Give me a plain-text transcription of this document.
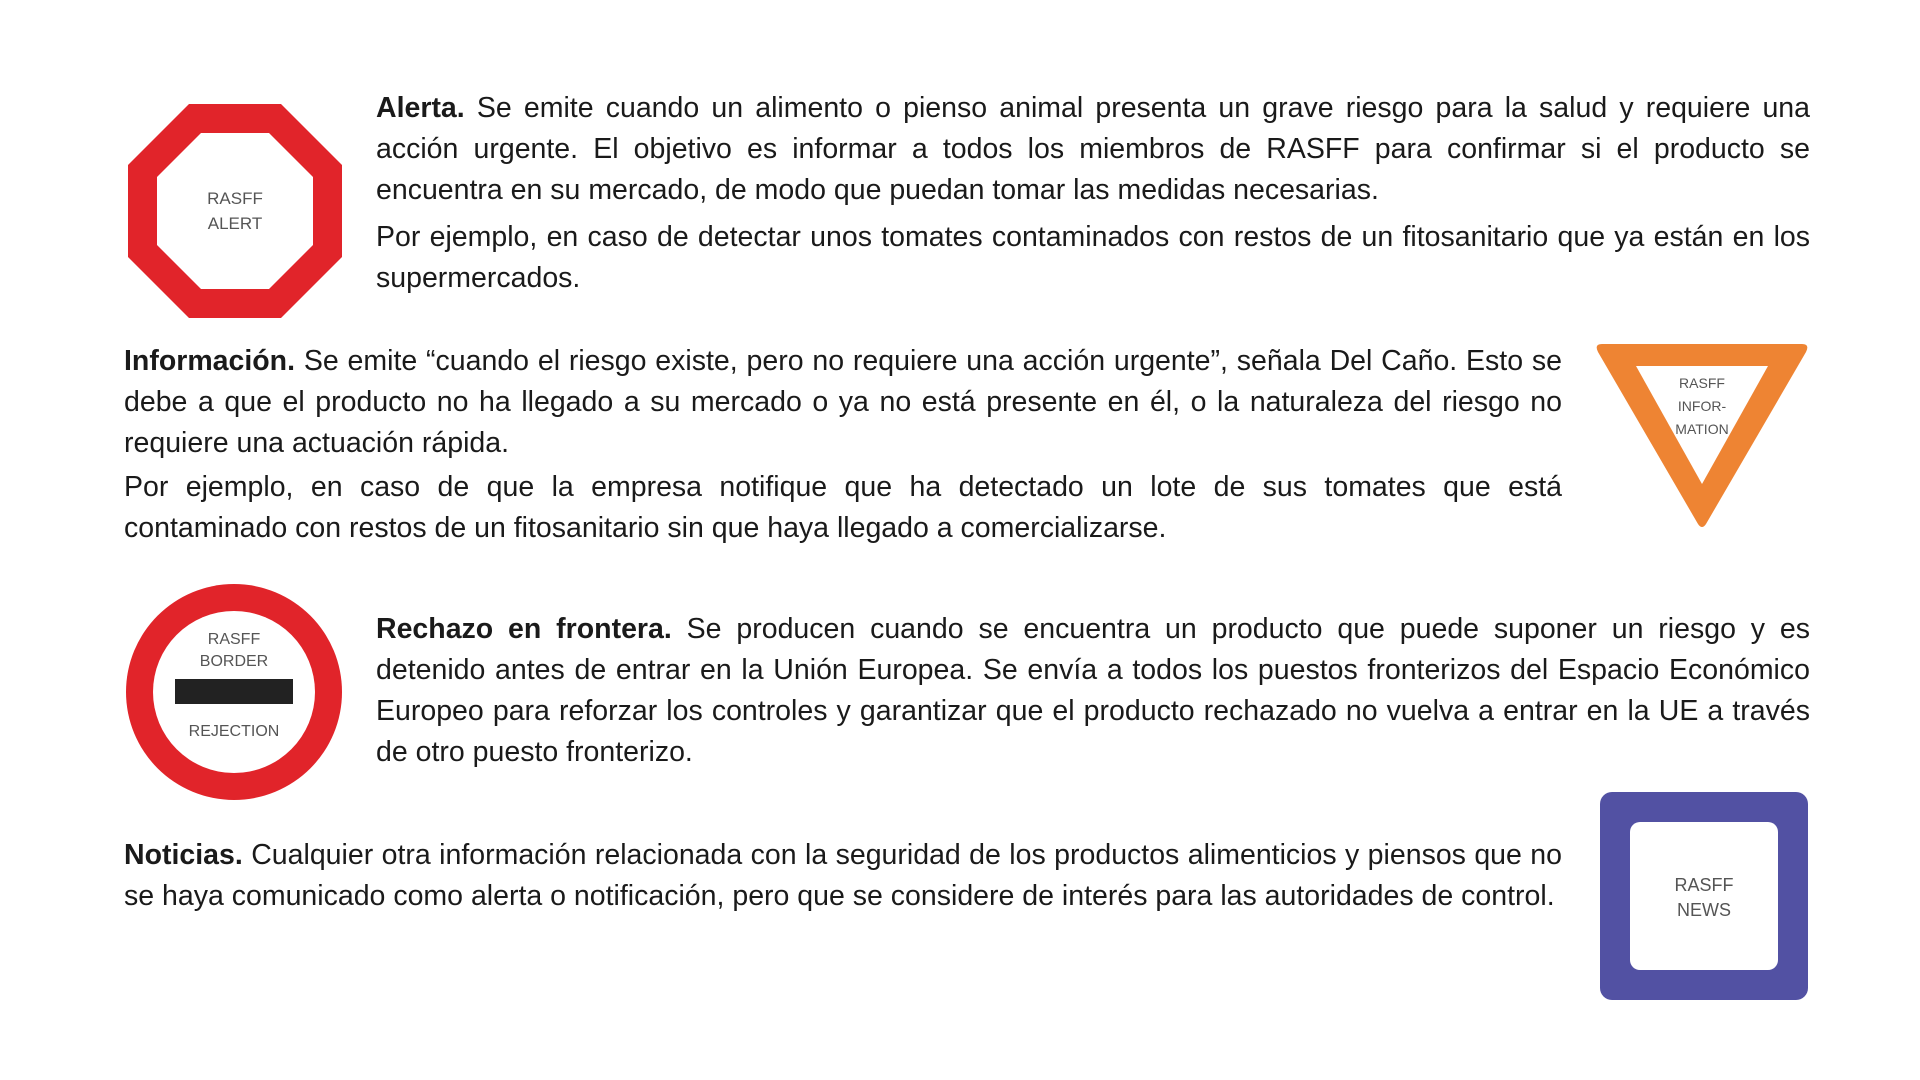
RASFF
ALERT

Alerta. Se emite cuando un alimento o pienso animal presenta un grave riesgo para la salud y requiere una acción urgente. El objetivo es informar a todos los miembros de RASFF para confirmar si el producto se encuentra en su mercado, de modo que puedan tomar las medidas necesarias.

Por ejemplo, en caso de detectar unos tomates contaminados con restos de un fitosanitario que ya están en los supermercados.

Información. Se emite “cuando el riesgo existe, pero no requiere una acción urgente”, señala Del Caño. Esto se debe a que el producto no ha llegado a su mercado o ya no está presente en él, o la naturaleza del riesgo no requiere una actuación rápida.

Por ejemplo, en caso de que la empresa notifique que ha detectado un lote de sus tomates que está contaminado con restos de un fitosanitario sin que haya llegado a comercializarse.

RASFF
INFOR-
MATION
RASFF
BORDER
REJECTION

Rechazo en frontera. Se producen cuando se encuentra un producto que puede suponer un riesgo y es detenido antes de entrar en la Unión Europea. Se envía a todos los puestos fronterizos del Espacio Económico Europeo para reforzar los controles y garantizar que el producto rechazado no vuelva a entrar en la UE a través de otro puesto fronterizo.

Noticias. Cualquier otra información relacionada con la seguridad de los productos alimenticios y piensos que no se haya comunicado como alerta o notificación, pero que se considere de interés para las autoridades de control.	RASFF
NEWS
